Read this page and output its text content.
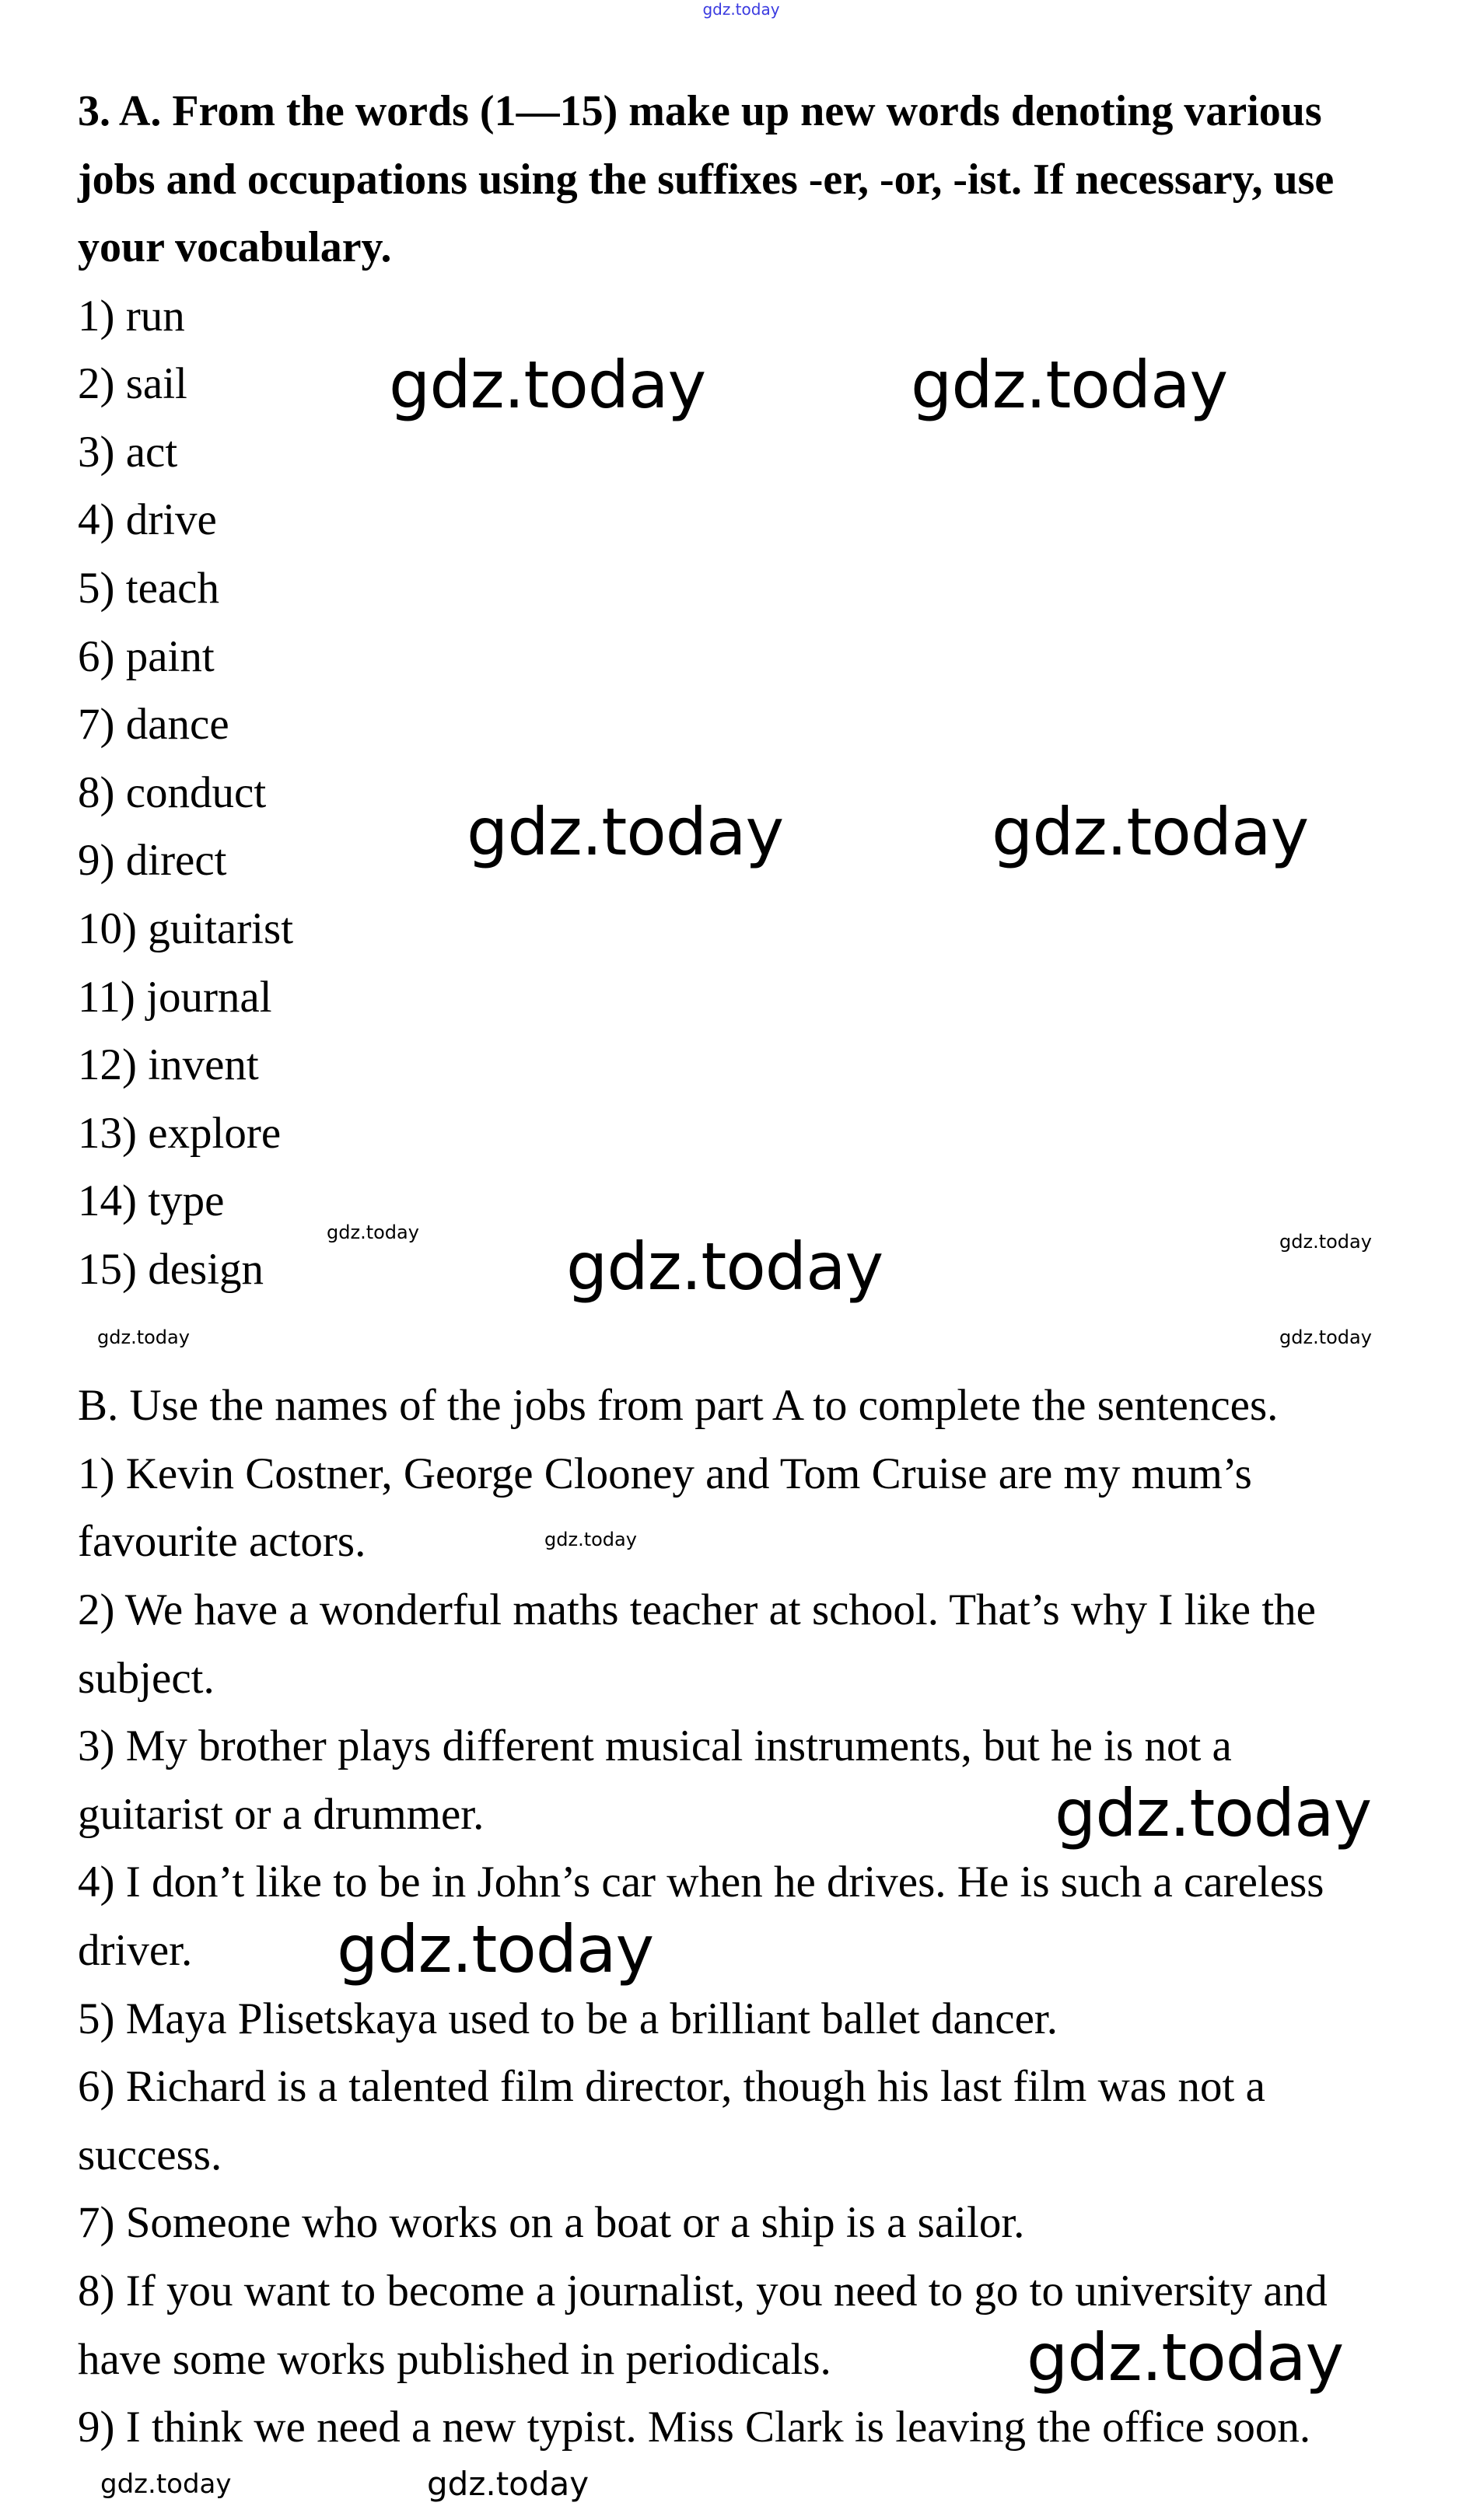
gdz.today
3. A. From the words (1—15) make up new words denoting various
jobs and occupations using the suffixes -er, -or, -ist. If necessary, use
your vocabulary.
1) run
2) sail
3) act
4) drive
5) teach
6) paint
7) dance
8) conduct
9) direct
10) guitarist
11) journal
12) invent
13) explore
14) type
15) design
B. Use the names of the jobs from part A to complete the sentences.
1) Kevin Costner, George Clooney and Tom Cruise are my mum’s
favourite actors.
2) We have a wonderful maths teacher at school. That’s why I like the
subject.
3) My brother plays different musical instruments, but he is not a
guitarist or a drummer.
4) I don’t like to be in John’s car when he drives. He is such a careless
driver.
5) Maya Plisetskaya used to be a brilliant ballet dancer.
6) Richard is a talented film director, though his last film was not a
success.
7) Someone who works on a boat or a ship is a sailor.
8) If you want to become a journalist, you need to go to university and
have some works published in periodicals.
9) I think we need a new typist. Miss Clark is leaving the office soon.
gdz.today	gdz.today
gdz.today	gdz.today
gdz.today
gdz.today
gdz.today
gdz.today
gdz.today	gdz.today
gdz.today	gdz.today
gdz.today
gdz.today	gdz.today
